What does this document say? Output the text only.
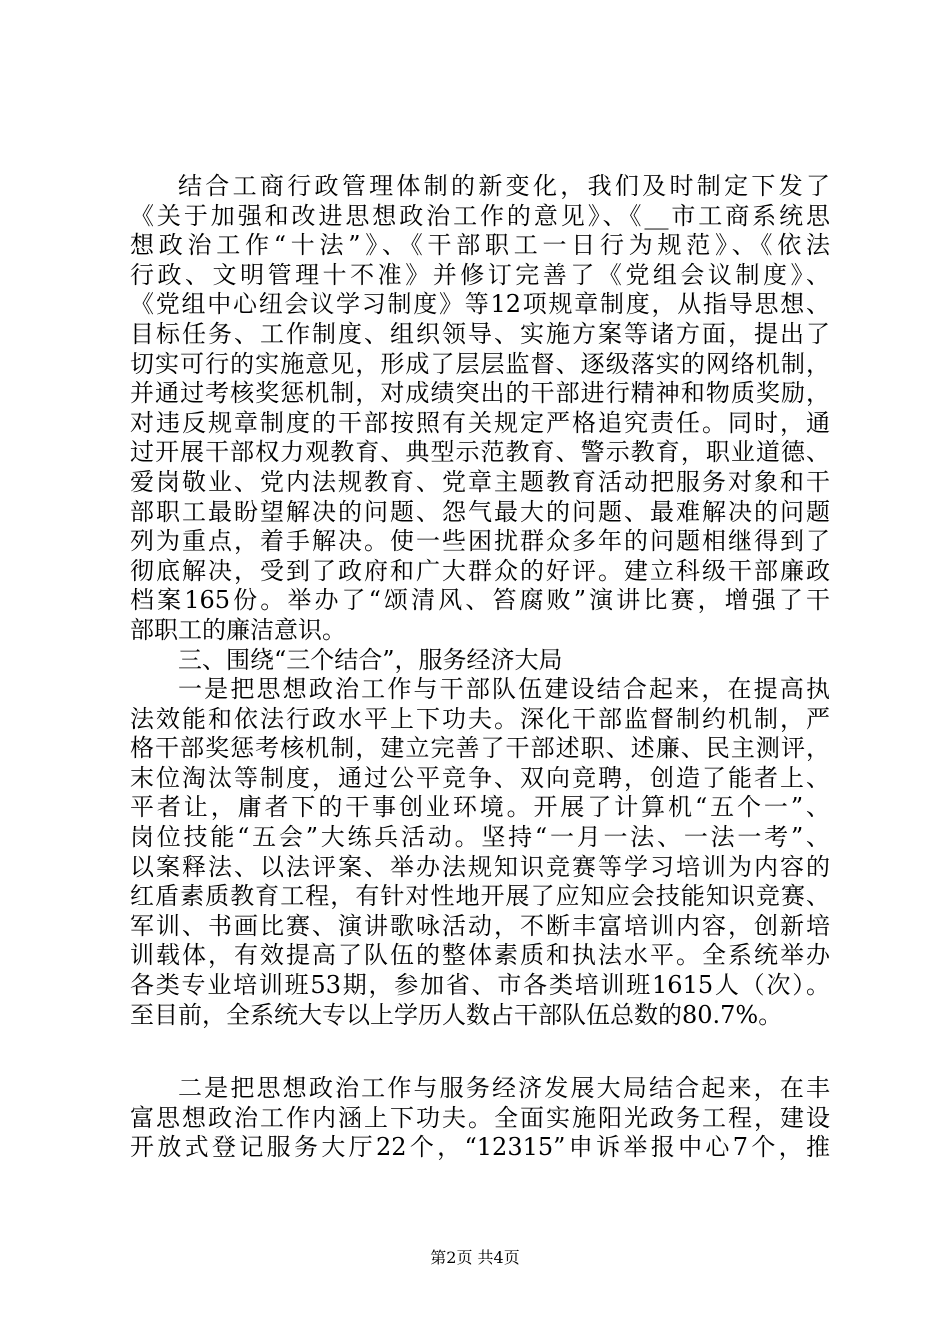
结合工商行政管理体制的新变化，我们及时制定下发了
《关于加强和改进思想政治工作的意见》、《__市工商系统思
想政治工作“十法”》、《干部职工一日行为规范》、《依法
行政、文明管理十不准》并修订完善了《党组会议制度》、
《党组中心纽会议学习制度》等12项规章制度，从指导思想、
目标任务、工作制度、组织领导、实施方案等诸方面，提出了
切实可行的实施意见，形成了层层监督、逐级落实的网络机制，
并通过考核奖惩机制，对成绩突出的干部进行精神和物质奖励，
对违反规章制度的干部按照有关规定严格追究责任。同时，通
过开展干部权力观教育、典型示范教育、警示教育，职业道德、
爱岗敬业、党内法规教育、党章主题教育活动把服务对象和干
部职工最盼望解决的问题、怨气最大的问题、最难解决的问题
列为重点，着手解决。使一些困扰群众多年的问题相继得到了
彻底解决，受到了政府和广大群众的好评。建立科级干部廉政
档案165份。举办了“颂清风、笞腐败”演讲比赛，增强了干
部职工的廉洁意识。
三、围绕“三个结合”，服务经济大局
一是把思想政治工作与干部队伍建设结合起来，在提高执
法效能和依法行政水平上下功夫。深化干部监督制约机制，严
格干部奖惩考核机制，建立完善了干部述职、述廉、民主测评，
末位淘汰等制度，通过公平竞争、双向竞聘，创造了能者上、
平者让，庸者下的干事创业环境。开展了计算机“五个一”、
岗位技能“五会”大练兵活动。坚持“一月一法、一法一考”、
以案释法、以法评案、举办法规知识竞赛等学习培训为内容的
红盾素质教育工程，有针对性地开展了应知应会技能知识竞赛、
军训、书画比赛、演讲歌咏活动，不断丰富培训内容，创新培
训载体，有效提高了队伍的整体素质和执法水平。全系统举办
各类专业培训班53期，参加省、市各类培训班1615人（次）。
至目前，全系统大专以上学历人数占干部队伍总数的80.7%。
二是把思想政治工作与服务经济发展大局结合起来，在丰
富思想政治工作内涵上下功夫。全面实施阳光政务工程，建设
开放式登记服务大厅22个，“12315”申诉举报中心7个，推
第2页 共4页
